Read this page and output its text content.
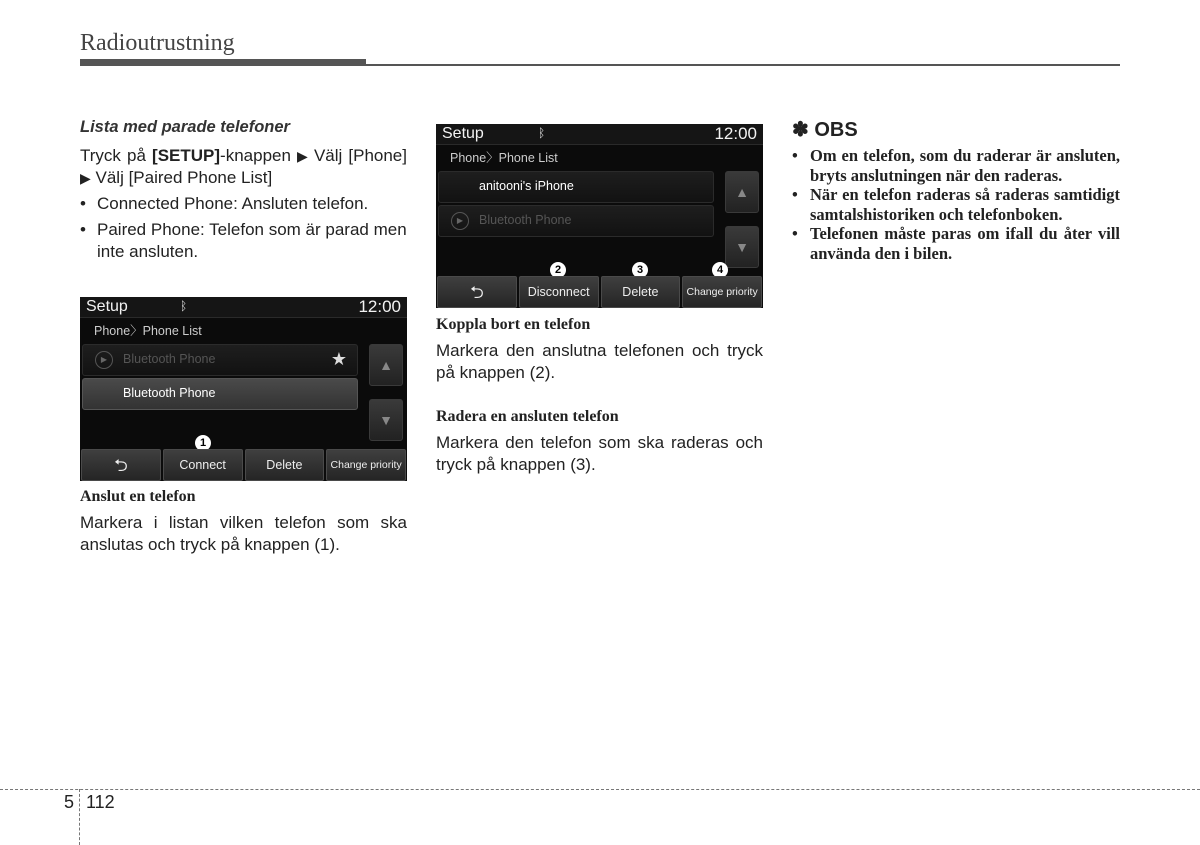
Radioutrustning

Lista med parade telefoner

Tryck på [SETUP]-knappen ▶ Välj [Phone] ▶ Välj [Paired Phone List]

• Connected Phone: Ansluten telefon.
• Paired Phone: Telefon som är parad men inte ansluten.
Setup	ᛒ	12:00
Phone〉Phone List
▶	Bluetooth Phone	★
Bluetooth Phone
▲
▼
1
⮌	Connect	Delete	Change priority

Anslut en telefon

Markera i listan vilken telefon som ska anslutas och tryck på knappen (1).

Setup	ᛒ	12:00
Phone〉Phone List
anitooni's iPhone
▶	Bluetooth Phone
▲
▼
2	3	4
⮌	Disconnect	Delete	Change priority

Koppla bort en telefon

Markera den anslutna telefonen och tryck på knappen (2).

Radera en ansluten telefon

Markera den telefon som ska raderas och tryck på knappen (3).

✽ OBS

• Om en telefon, som du raderar är ansluten, bryts anslutningen när den raderas.
• När en telefon raderas så raderas samtidigt samtalshistoriken och telefonboken.
• Telefonen måste paras om ifall du åter vill använda den i bilen.
5 112
